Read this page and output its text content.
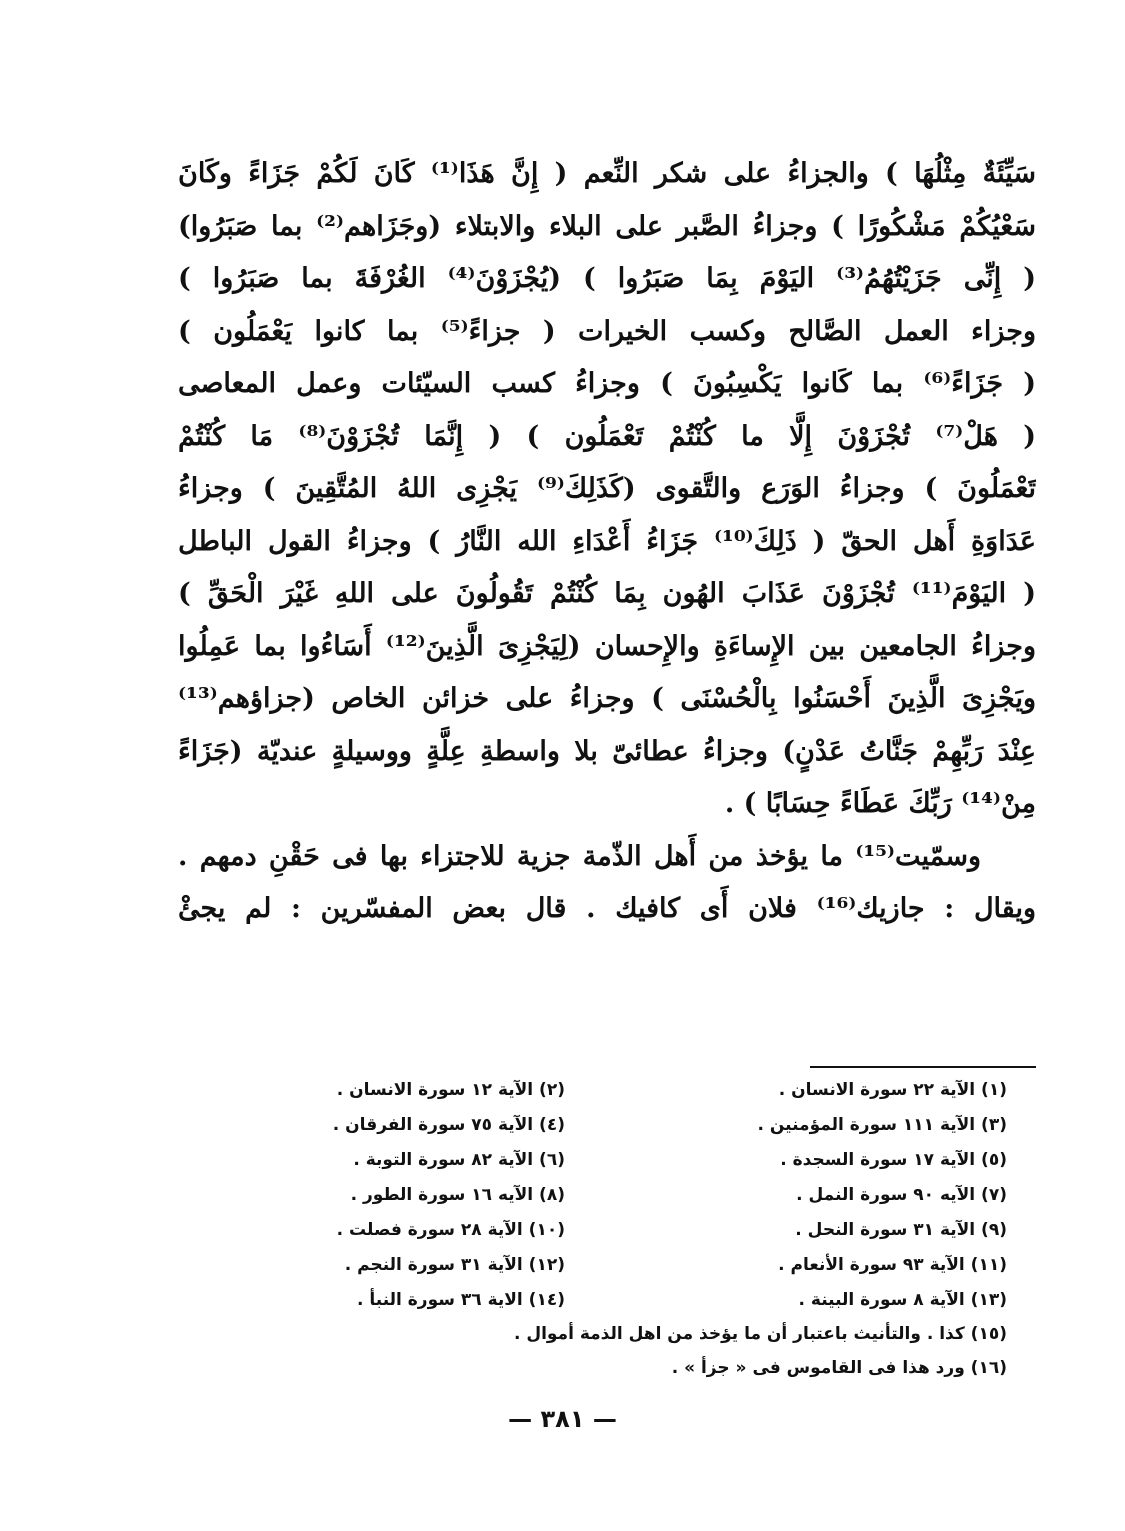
سَيِّئَةٌ مِثْلُهَا ) والجزاءُ على شكر النِّعم ( إِنَّ هَذَا⁽¹⁾ كَانَ لَكُمْ جَزَاءً وكَانَ
سَعْيُكُمْ مَشْكُورًا ) وجزاءُ الصَّبر على البلاء والابتلاء (وجَزَاهم⁽²⁾ بما صَبَرُوا)
( إِنِّى جَزَيْتُهُمُ⁽³⁾ اليَوْمَ بِمَا صَبَرُوا ) (يُجْزَوْنَ⁽⁴⁾ الغُرْفَةَ بما صَبَرُوا )
وجزاء العمل الصَّالح وكسب الخيرات ( جزاءً⁽⁵⁾ بما كانوا يَعْمَلُون )
( جَزَاءً⁽⁶⁾ بما كَانوا يَكْسِبُونَ ) وجزاءُ كسب السيّئات وعمل المعاصى
( هَلْ⁽⁷⁾ تُجْزَوْنَ إِلَّا ما كُنْتُمْ تَعْمَلُون ) ( إِنَّمَا تُجْزَوْنَ⁽⁸⁾ مَا كُنْتُمْ
تَعْمَلُونَ ) وجزاءُ الوَرَع والتَّقوى (كَذَلِكَ⁽⁹⁾ يَجْزِى اللهُ المُتَّقِينَ ) وجزاءُ
عَدَاوَةِ أَهل الحقّ ( ذَلِكَ⁽¹⁰⁾ جَزَاءُ أَعْدَاءِ الله النَّارُ ) وجزاءُ القول الباطل
( اليَوْمَ⁽¹¹⁾ تُجْزَوْنَ عَذَابَ الهُون بِمَا كُنْتُمْ تَقُولُونَ على اللهِ غَيْرَ الْحَقِّ )
وجزاءُ الجامعين بين الإِساءَةِ والإِحسان (لِيَجْزِىَ الَّذِينَ⁽¹²⁾ أَسَاءُوا بما عَمِلُوا
ويَجْزِىَ الَّذِينَ أَحْسَنُوا بِالْحُسْنَى ) وجزاءُ على خزائن الخاص (جزاؤهم⁽¹³⁾
عِنْدَ رَبِّهِمْ جَنَّاتُ عَدْنٍ) وجزاءُ عطائىّ بلا واسطةِ عِلَّةٍ ووسيلةٍ عنديّة (جَزَاءً
مِنْ⁽¹⁴⁾ رَبِّكَ عَطَاءً حِسَابًا ) .
وسمّيت⁽¹⁵⁾ ما يؤخذ من أَهل الذّمة جزية للاجتزاء بها فى حَقْنِ دمهم .
ويقال : جازيك⁽¹⁶⁾ فلان أَى كافيك . قال بعض المفسّرين : لم يجئْ
(١) الآية ٢٢ سورة الانسان .
(٣) الآية ١١١ سورة المؤمنين .
(٥) الآية ١٧ سورة السجدة .
(٧) الآيه ٩٠ سورة النمل .
(٩) الآية ٣١ سورة النحل .
(١١) الآية ٩٣ سورة الأنعام .
(١٣) الآية ٨ سورة البينة .
(٢) الآية ١٢ سورة الانسان .
(٤) الآية ٧٥ سورة الفرقان .
(٦) الآية ٨٢ سورة التوبة .
(٨) الآيه ١٦ سورة الطور .
(١٠) الآية ٢٨ سورة فصلت .
(١٢) الآية ٣١ سورة النجم .
(١٤) الاية ٣٦ سورة النبأ .
(١٥) كذا . والتأنيث باعتبار أن ما يؤخذ من اهل الذمة أموال .
(١٦) ورد هذا فى القاموس فى « جزأ » .
— ٣٨١ —
